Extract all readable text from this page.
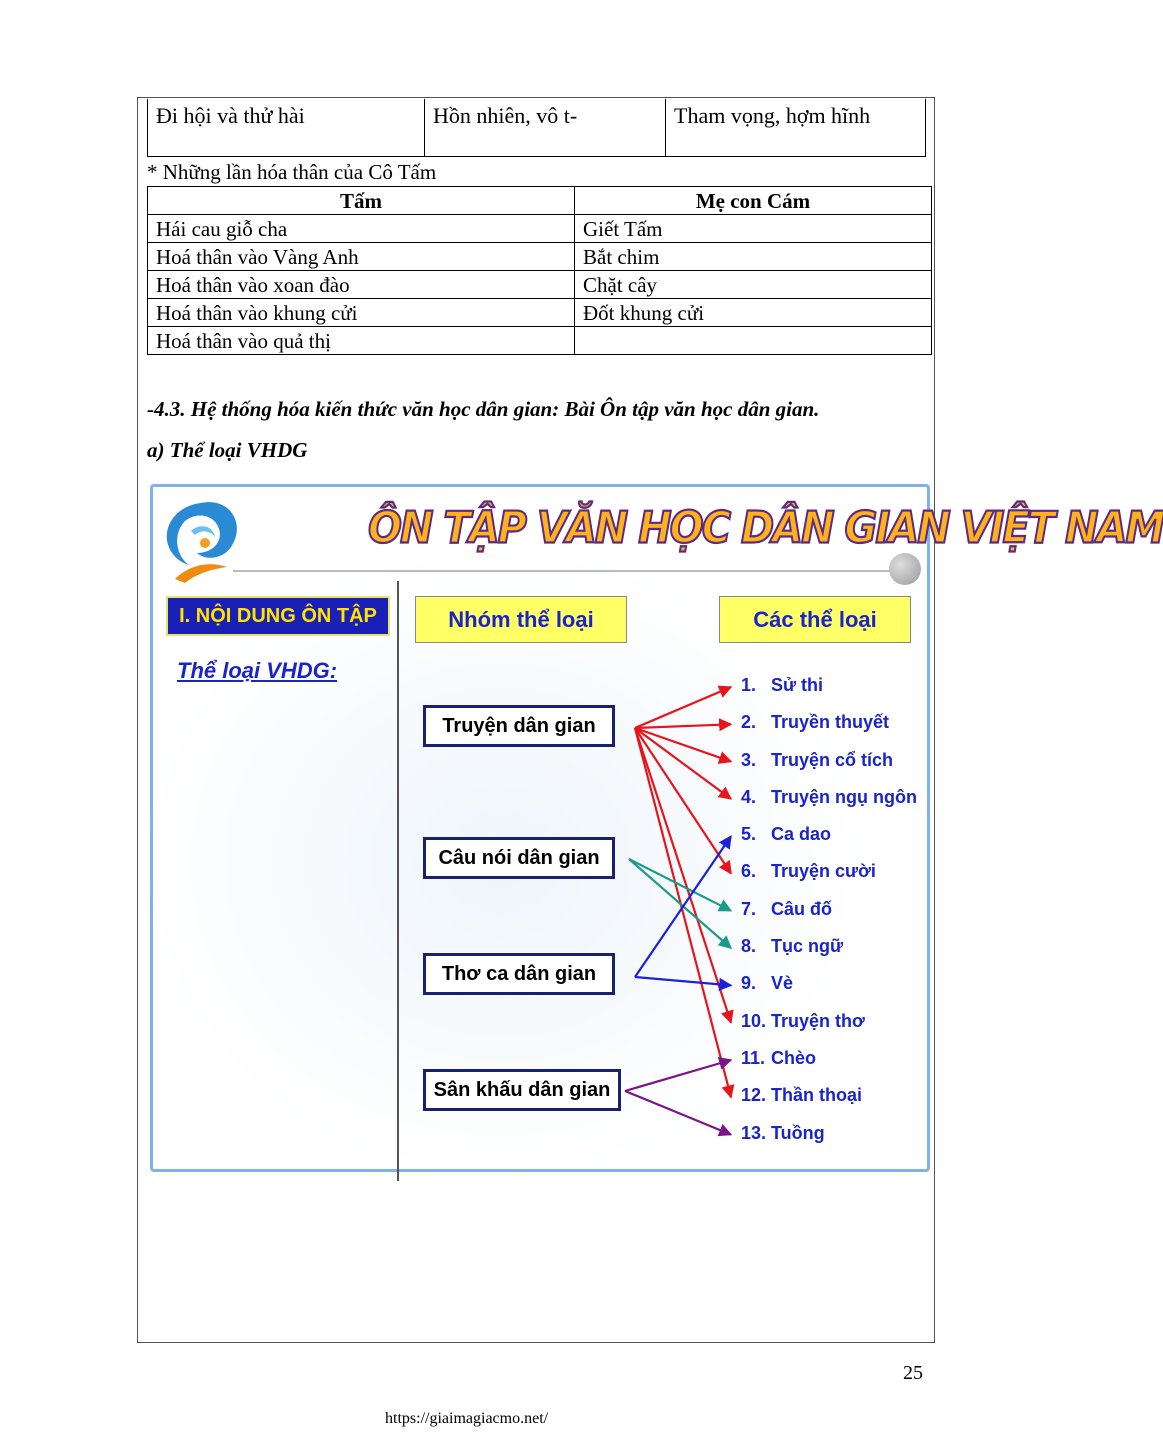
Đi hội và thử hài	Hồn nhiên, vô t-	Tham vọng, hợm hĩnh
* Những lần hóa thân của Cô Tấm
Tấm	Mẹ con Cám
Hái cau giỗ cha	Giết Tấm
Hoá thân vào Vàng Anh	Bắt chim
Hoá thân vào xoan đào	Chặt cây
Hoá thân vào khung cửi	Đốt khung cửi
Hoá thân vào quả thị	
-4.3. Hệ thống hóa kiến thức văn học dân gian: Bài Ôn tập văn học dân gian.
a) Thể loại VHDG
ÔN TẬP VĂN HỌC DÂN GIAN VIỆT NAM
I. NỘI DUNG ÔN TẬP	Nhóm thể loại	Các thể loại
Thể loại VHDG:
Truyện dân gian
Câu nói dân gian
Thơ ca dân gian
Sân khấu dân gian
1. Sử thi
2. Truyền thuyết
3. Truyện cổ tích
4. Truyện ngụ ngôn
5. Ca dao
6. Truyện cười
7. Câu đố
8. Tục ngữ
9. Vè
10. Truyện thơ
11. Chèo
12. Thần thoại
13. Tuồng
25
https://giaimagiacmo.net/
